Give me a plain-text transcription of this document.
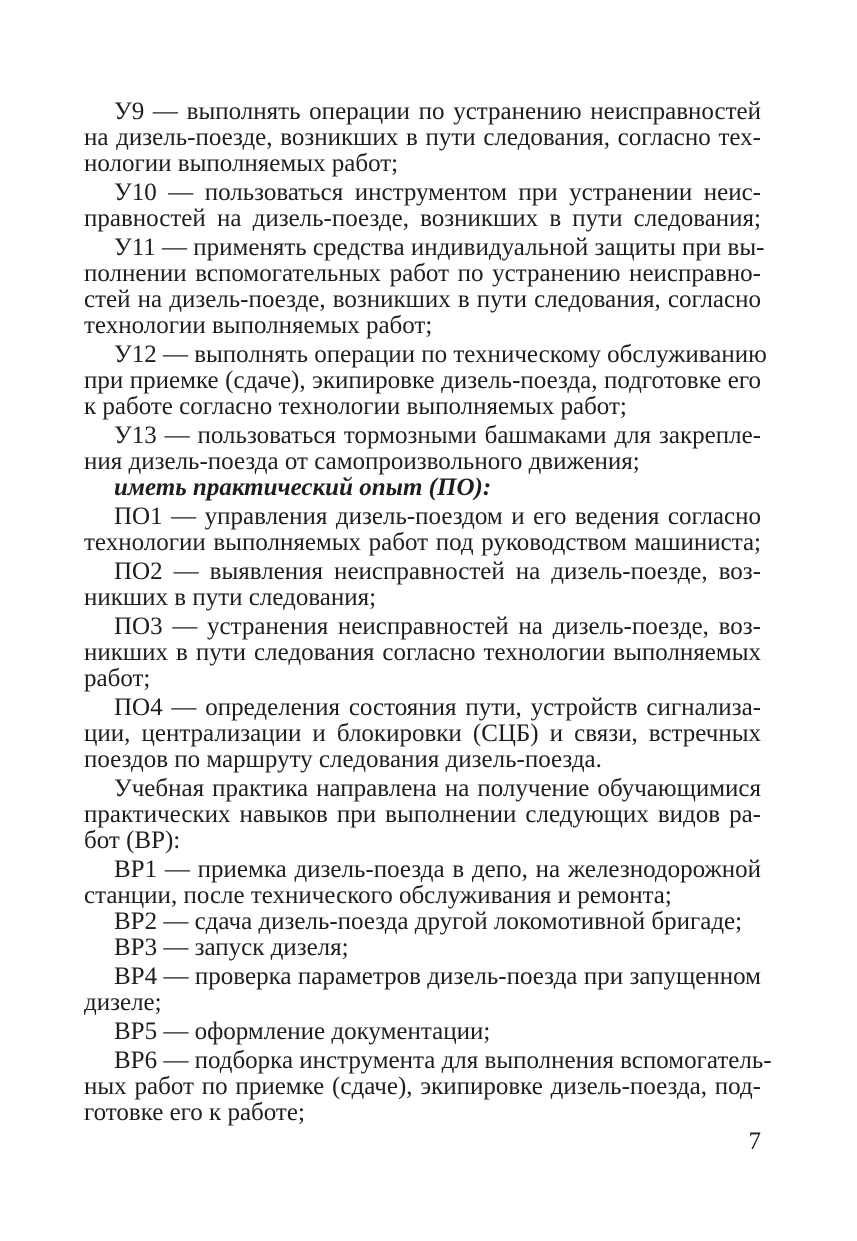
У9 — выполнять операции по устранению неисправностей
на дизель-поезде, возникших в пути следования, согласно тех-
нологии выполняемых работ;
У10 — пользоваться инструментом при устранении неис-
правностей на дизель-поезде, возникших в пути следования;
У11 — применять средства индивидуальной защиты при вы-
полнении вспомогательных работ по устранению неисправно-
стей на дизель-поезде, возникших в пути следования, согласно
технологии выполняемых работ;
У12 — выполнять операции по техническому обслуживанию
при приемке (сдаче), экипировке дизель-поезда, подготовке его
к работе согласно технологии выполняемых работ;
У13 — пользоваться тормозными башмаками для закрепле-
ния дизель-поезда от самопроизвольного движения;
иметь практический опыт (ПО):
ПО1 — управления дизель-поездом и его ведения согласно
технологии выполняемых работ под руководством машиниста;
ПО2 — выявления неисправностей на дизель-поезде, воз-
никших в пути следования;
ПО3 — устранения неисправностей на дизель-поезде, воз-
никших в пути следования согласно технологии выполняемых
работ;
ПО4 — определения состояния пути, устройств сигнализа-
ции, централизации и блокировки (СЦБ) и связи, встречных
поездов по маршруту следования дизель-поезда.
Учебная практика направлена на получение обучающимися
практических навыков при выполнении следующих видов ра-
бот (ВР):
ВР1 — приемка дизель-поезда в депо, на железнодорожной
станции, после технического обслуживания и ремонта;
ВР2 — сдача дизель-поезда другой локомотивной бригаде;
ВР3 — запуск дизеля;
ВР4 — проверка параметров дизель-поезда при запущенном
дизеле;
ВР5 — оформление документации;
ВР6 — подборка инструмента для выполнения вспомогатель-
ных работ по приемке (сдаче), экипировке дизель-поезда, под-
готовке его к работе;
7
